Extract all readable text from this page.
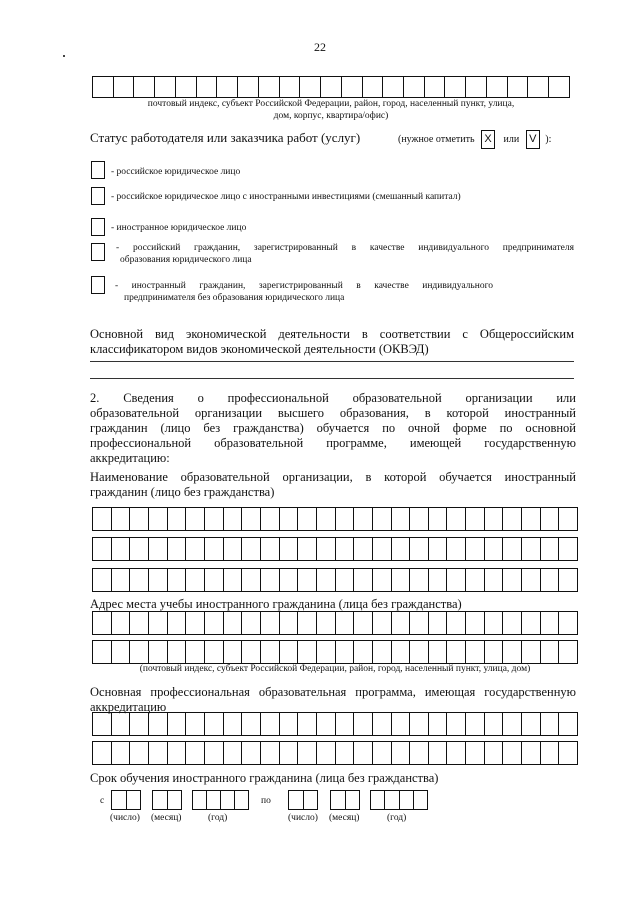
22
почтовый индекс, субъект Российской Федерации, район, город, населенный пункт, улица,
дом, корпус, квартира/офис)
Статус работодателя или заказчика работ (услуг)	(нужное отметить X или V ):
- российское юридическое лицо
- российское юридическое лицо с иностранными инвестициями (смешанный капитал)
- иностранное юридическое лицо
- российский гражданин, зарегистрированный в качестве индивидуального предпринимателя
образования юридического лица
- иностранный гражданин, зарегистрированный в качестве индивидуального
предпринимателя без образования юридического лица
Основной вид экономической деятельности в соответствии с Общероссийским
классификатором видов экономической деятельности (ОКВЭД)
2. Сведения о профессиональной образовательной организации или
образовательной организации высшего образования, в которой иностранный
гражданин (лицо без гражданства) обучается по очной форме по основной
профессиональной образовательной программе, имеющей государственную
аккредитацию:
Наименование образовательной организации, в которой обучается иностранный
гражданин (лицо без гражданства)
Адрес места учебы иностранного гражданина (лица без гражданства)
(почтовый индекс, субъект Российской Федерации, район, город, населенный пункт, улица, дом)
Основная профессиональная образовательная программа, имеющая государственную
аккредитацию
Срок обучения иностранного гражданина (лица без гражданства)
с	по
(число) (месяц)	(год)	(число) (месяц)	(год)
